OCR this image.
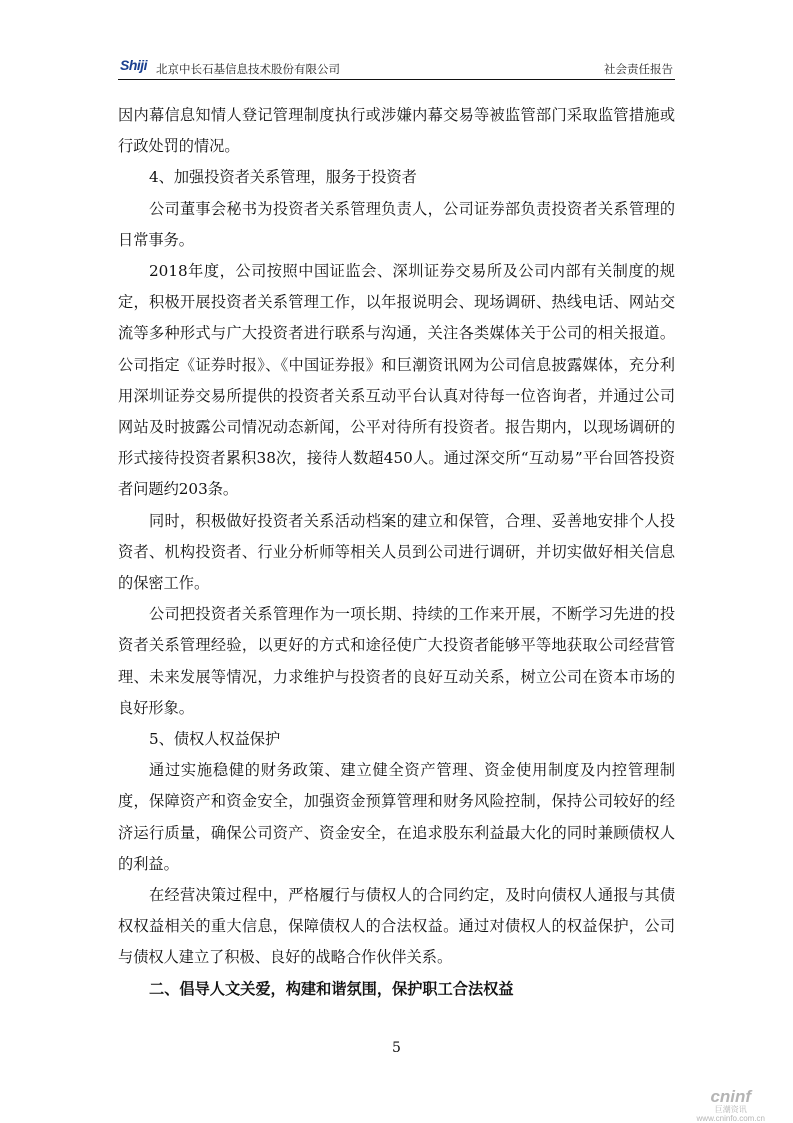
Shiji 北京中长石基信息技术股份有限公司	社会责任报告

因内幕信息知情人登记管理制度执行或涉嫌内幕交易等被监管部门采取监管措施或行政处罚的情况。

4、加强投资者关系管理，服务于投资者

公司董事会秘书为投资者关系管理负责人，公司证券部负责投资者关系管理的日常事务。

2018年度，公司按照中国证监会、深圳证券交易所及公司内部有关制度的规定，积极开展投资者关系管理工作，以年报说明会、现场调研、热线电话、网站交流等多种形式与广大投资者进行联系与沟通，关注各类媒体关于公司的相关报道。公司指定《证券时报》、《中国证券报》和巨潮资讯网为公司信息披露媒体，充分利用深圳证券交易所提供的投资者关系互动平台认真对待每一位咨询者，并通过公司网站及时披露公司情况动态新闻，公平对待所有投资者。报告期内，以现场调研的形式接待投资者累积38次，接待人数超450人。通过深交所“互动易”平台回答投资者问题约203条。

同时，积极做好投资者关系活动档案的建立和保管，合理、妥善地安排个人投资者、机构投资者、行业分析师等相关人员到公司进行调研，并切实做好相关信息的保密工作。

公司把投资者关系管理作为一项长期、持续的工作来开展，不断学习先进的投资者关系管理经验，以更好的方式和途径使广大投资者能够平等地获取公司经营管理、未来发展等情况，力求维护与投资者的良好互动关系，树立公司在资本市场的良好形象。

5、债权人权益保护

通过实施稳健的财务政策、建立健全资产管理、资金使用制度及内控管理制度，保障资产和资金安全，加强资金预算管理和财务风险控制，保持公司较好的经济运行质量，确保公司资产、资金安全，在追求股东利益最大化的同时兼顾债权人的利益。

在经营决策过程中，严格履行与债权人的合同约定，及时向债权人通报与其债权权益相关的重大信息，保障债权人的合法权益。通过对债权人的权益保护，公司与债权人建立了积极、良好的战略合作伙伴关系。

二、倡导人文关爱，构建和谐氛围，保护职工合法权益

5
cninf
巨潮资讯
www.cninfo.com.cn
